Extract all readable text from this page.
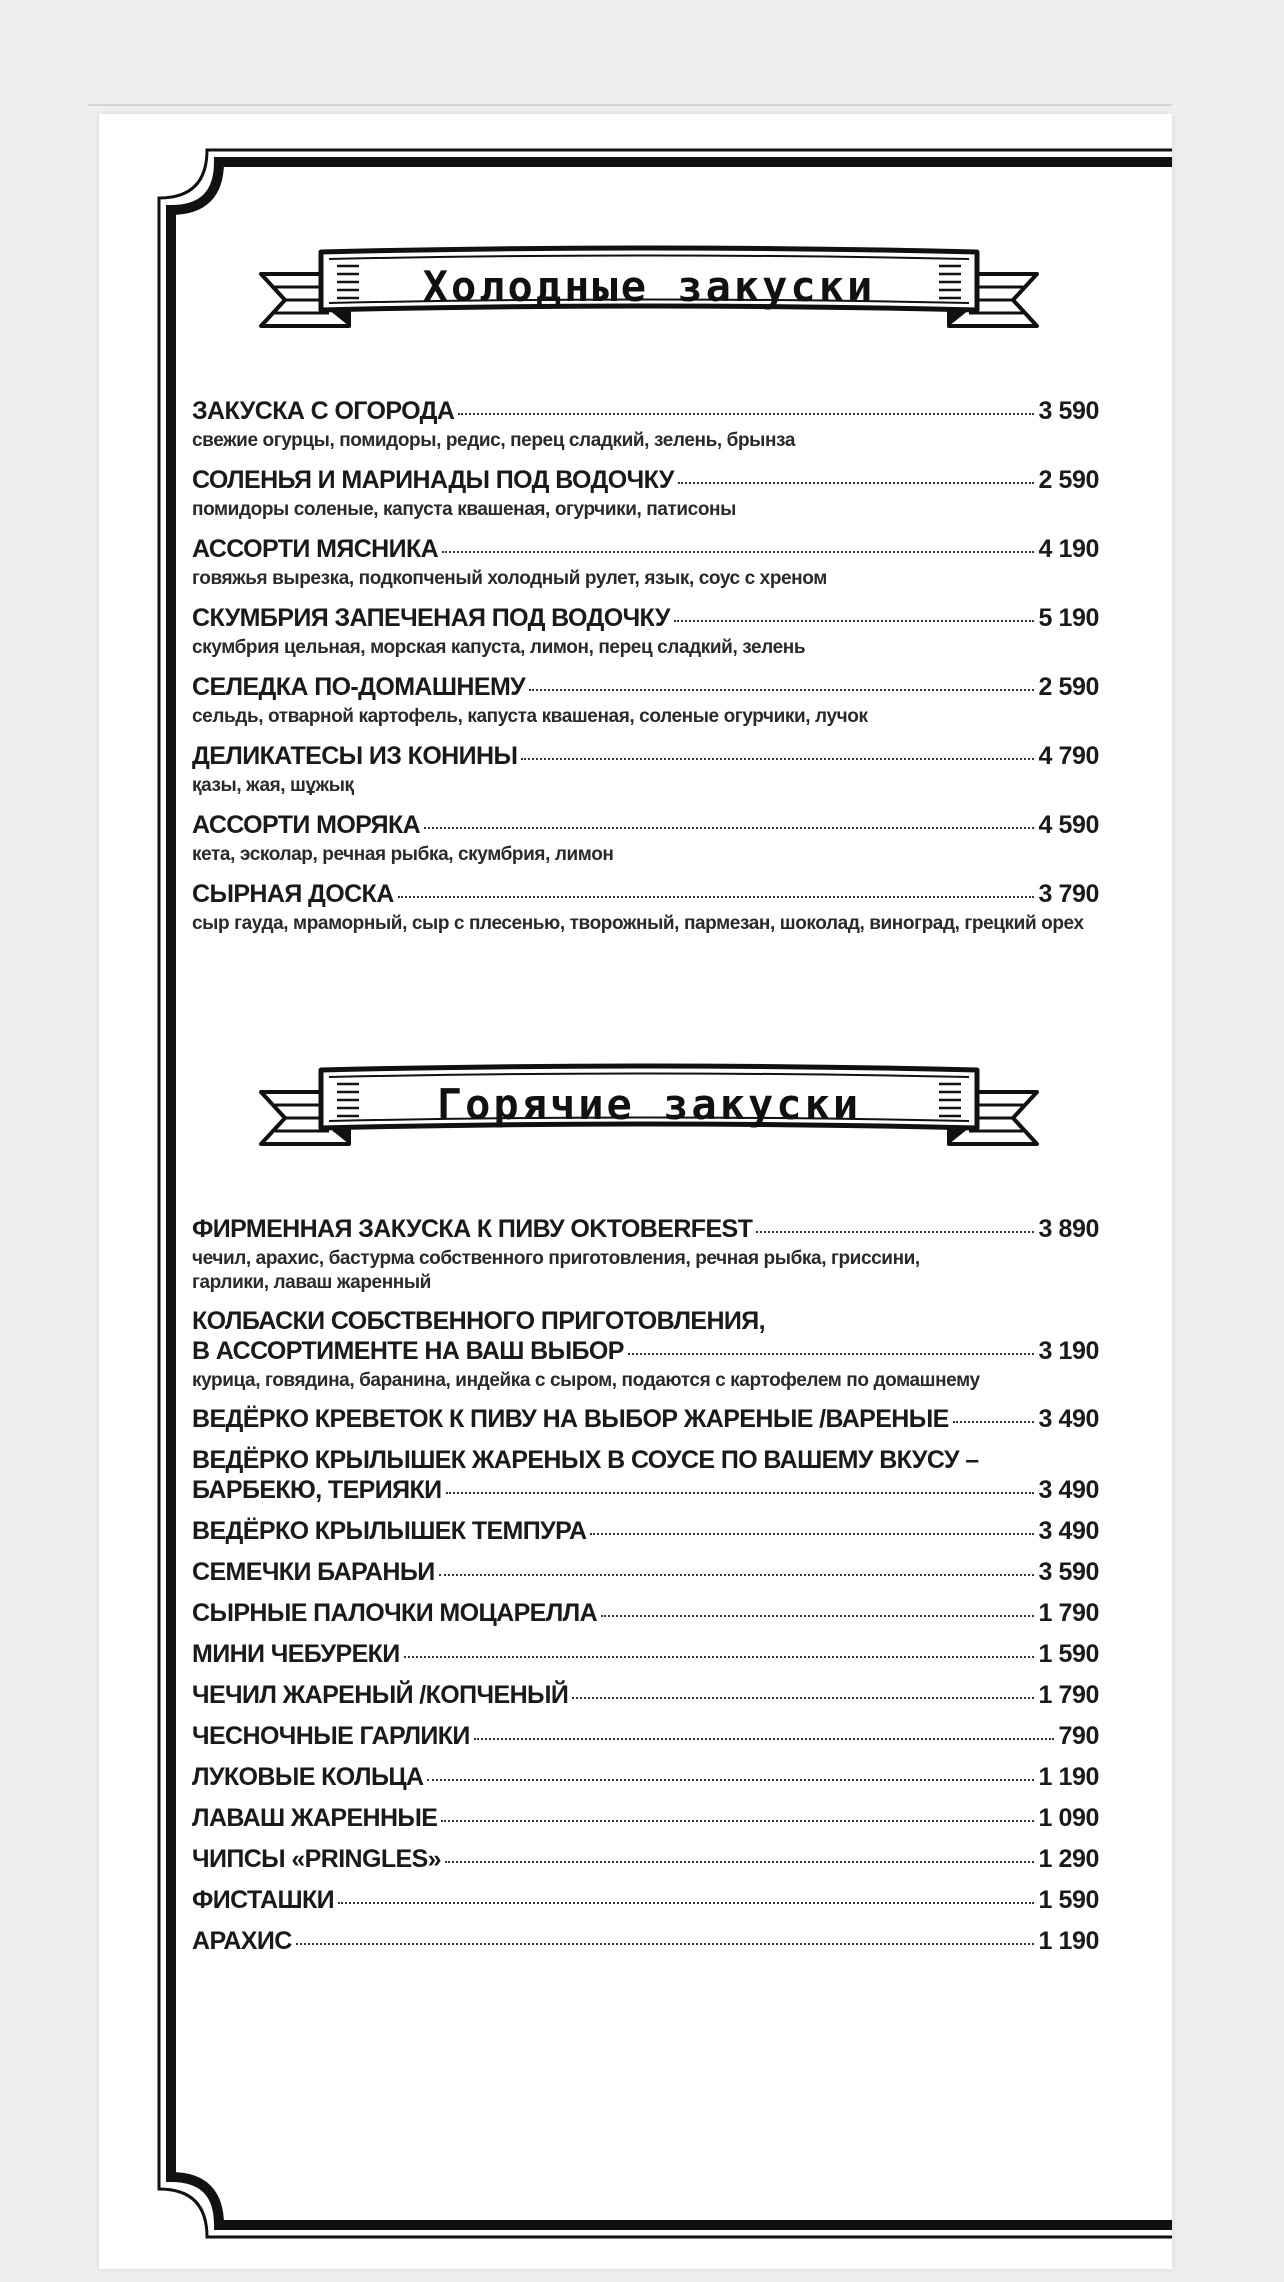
Холодные закуски
ЗАКУСКА С ОГОРОДА	3 590
свежие огурцы, помидоры, редис, перец сладкий, зелень, брынза
СОЛЕНЬЯ И МАРИНАДЫ ПОД ВОДОЧКУ	2 590
помидоры соленые, капуста квашеная, огурчики, патисоны
АССОРТИ МЯСНИКА	4 190
говяжья вырезка, подкопченый холодный рулет, язык, соус с хреном
СКУМБРИЯ ЗАПЕЧЕНАЯ ПОД ВОДОЧКУ	5 190
скумбрия цельная, морская капуста, лимон, перец сладкий, зелень
СЕЛЕДКА ПО-ДОМАШНЕМУ	2 590
сельдь, отварной картофель, капуста квашеная, соленые огурчики, лучок
ДЕЛИКАТЕСЫ ИЗ КОНИНЫ	4 790
қазы, жая, шұжық
АССОРТИ МОРЯКА	4 590
кета, эсколар, речная рыбка, скумбрия, лимон
СЫРНАЯ ДОСКА	3 790
сыр гауда, мраморный, сыр с плесенью, творожный, пармезан, шоколад, виноград, грецкий орех
Горячие закуски
ФИРМЕННАЯ ЗАКУСКА К ПИВУ OKTOBERFEST	3 890
чечил, арахис, бастурма собственного приготовления, речная рыбка, гриссини,
гарлики, лаваш жаренный
КОЛБАСКИ СОБСТВЕННОГО ПРИГОТОВЛЕНИЯ,
В АССОРТИМЕНТЕ НА ВАШ ВЫБОР	3 190
курица, говядина, баранина, индейка с сыром, подаются с картофелем по домашнему
ВЕДЁРКО КРЕВЕТОК К ПИВУ НА ВЫБОР ЖАРЕНЫЕ /ВАРЕНЫЕ	3 490
ВЕДЁРКО КРЫЛЫШЕК ЖАРЕНЫХ В СОУСЕ ПО ВАШЕМУ ВКУСУ –
БАРБЕКЮ, ТЕРИЯКИ	3 490
ВЕДЁРКО КРЫЛЫШЕК ТЕМПУРА	3 490
СЕМЕЧКИ БАРАНЬИ	3 590
СЫРНЫЕ ПАЛОЧКИ МОЦАРЕЛЛА	1 790
МИНИ ЧЕБУРЕКИ	1 590
ЧЕЧИЛ ЖАРЕНЫЙ /КОПЧЕНЫЙ	1 790
ЧЕСНОЧНЫЕ ГАРЛИКИ	790
ЛУКОВЫЕ КОЛЬЦА	1 190
ЛАВАШ ЖАРЕННЫЕ	1 090
ЧИПСЫ «PRINGLES»	1 290
ФИСТАШКИ	1 590
АРАХИС	1 190
